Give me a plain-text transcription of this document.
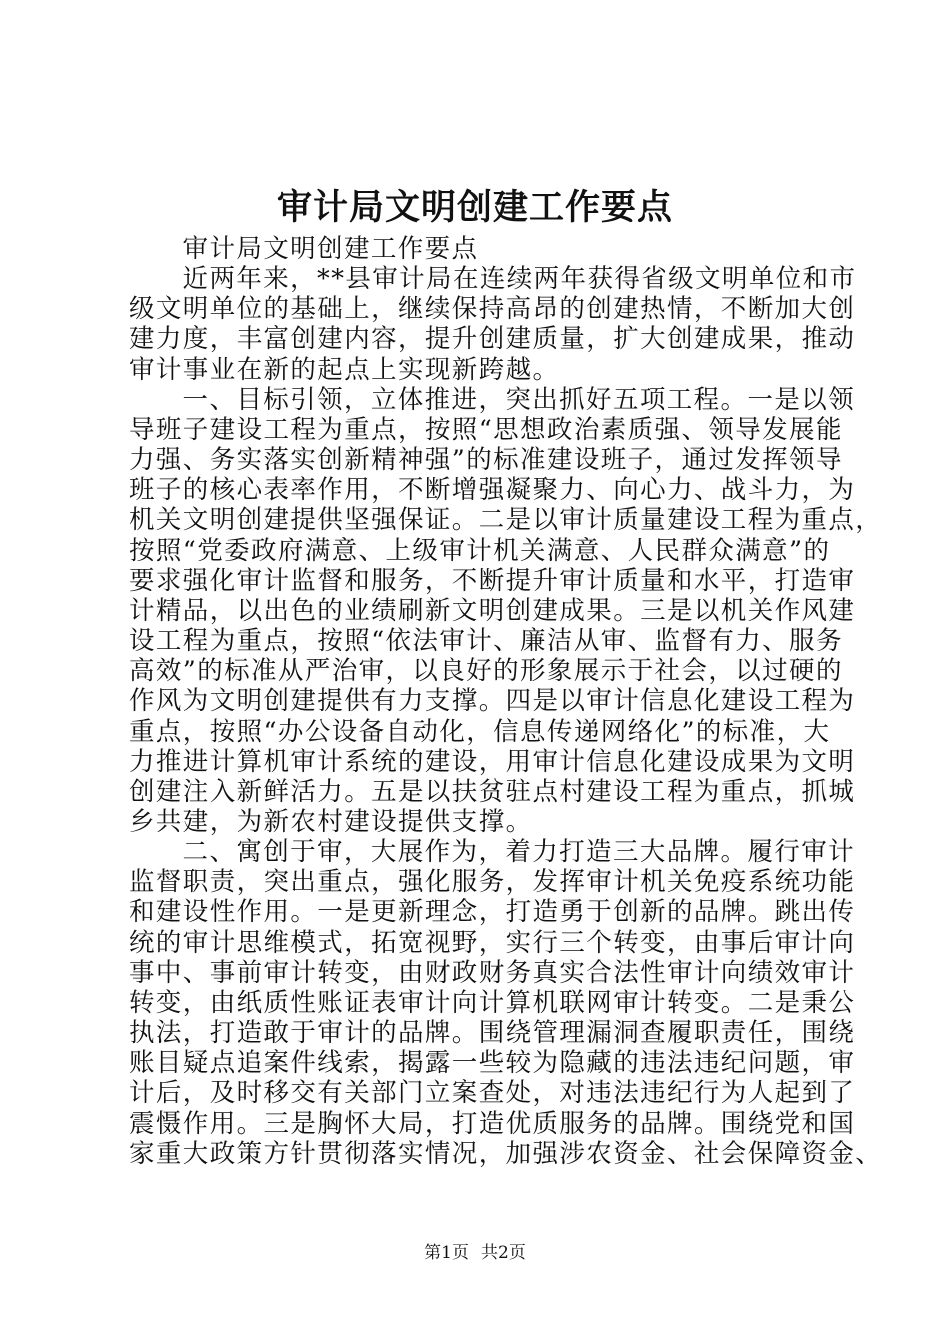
审计局文明创建工作要点

审计局文明创建工作要点

近两年来，**县审计局在连续两年获得省级文明单位和市
级文明单位的基础上，继续保持高昂的创建热情，不断加大创
建力度，丰富创建内容，提升创建质量，扩大创建成果，推动
审计事业在新的起点上实现新跨越。

一、目标引领，立体推进，突出抓好五项工程。一是以领
导班子建设工程为重点，按照“思想政治素质强、领导发展能
力强、务实落实创新精神强”的标准建设班子，通过发挥领导
班子的核心表率作用，不断增强凝聚力、向心力、战斗力，为
机关文明创建提供坚强保证。二是以审计质量建设工程为重点，
按照“党委政府满意、上级审计机关满意、人民群众满意”的
要求强化审计监督和服务，不断提升审计质量和水平，打造审
计精品，以出色的业绩刷新文明创建成果。三是以机关作风建
设工程为重点，按照“依法审计、廉洁从审、监督有力、服务
高效”的标准从严治审，以良好的形象展示于社会，以过硬的
作风为文明创建提供有力支撑。四是以审计信息化建设工程为
重点，按照“办公设备自动化，信息传递网络化”的标准，大
力推进计算机审计系统的建设，用审计信息化建设成果为文明
创建注入新鲜活力。五是以扶贫驻点村建设工程为重点，抓城
乡共建，为新农村建设提供支撑。

二、寓创于审，大展作为，着力打造三大品牌。履行审计
监督职责，突出重点，强化服务，发挥审计机关免疫系统功能
和建设性作用。一是更新理念，打造勇于创新的品牌。跳出传
统的审计思维模式，拓宽视野，实行三个转变，由事后审计向
事中、事前审计转变，由财政财务真实合法性审计向绩效审计
转变，由纸质性账证表审计向计算机联网审计转变。二是秉公
执法，打造敢于审计的品牌。围绕管理漏洞查履职责任，围绕
账目疑点追案件线索，揭露一些较为隐藏的违法违纪问题，审
计后，及时移交有关部门立案查处，对违法违纪行为人起到了
震慑作用。三是胸怀大局，打造优质服务的品牌。围绕党和国
家重大政策方针贯彻落实情况，加强涉农资金、社会保障资金、

第1页 共2页
